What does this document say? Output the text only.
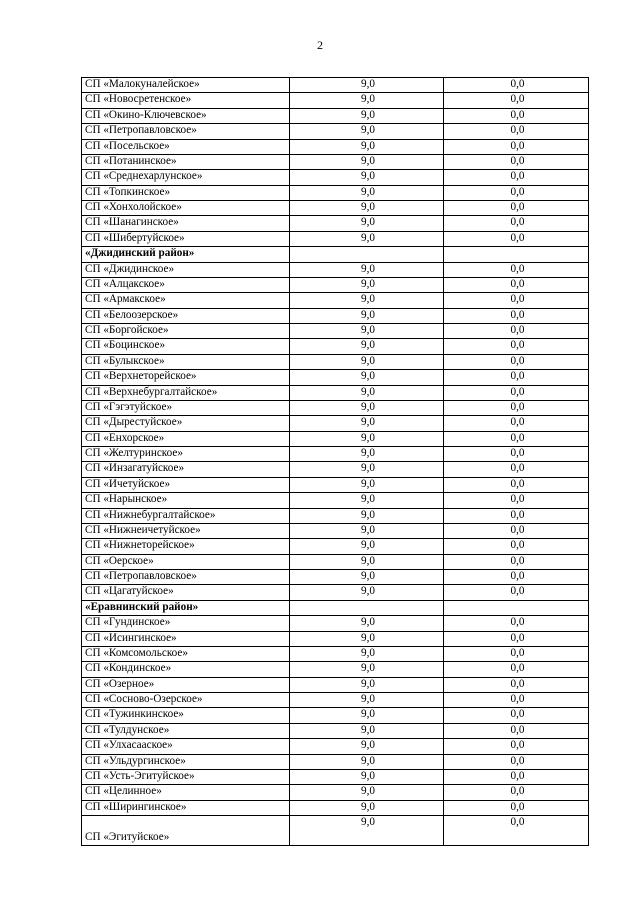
2
СП «Малокуналейское»	9,0	0,0
СП «Новосретенское»	9,0	0,0
СП «Окино-Ключевское»	9,0	0,0
СП «Петропавловское»	9,0	0,0
СП «Посельское»	9,0	0,0
СП «Потанинское»	9,0	0,0
СП «Среднехарлунское»	9,0	0,0
СП «Топкинское»	9,0	0,0
СП «Хонхолойское»	9,0	0,0
СП «Шанагинское»	9,0	0,0
СП «Шибертуйское»	9,0	0,0
«Джидинский район»		
СП «Джидинское»	9,0	0,0
СП «Алцакское»	9,0	0,0
СП «Армакское»	9,0	0,0
СП «Белоозерское»	9,0	0,0
СП «Боргойское»	9,0	0,0
СП «Боцинское»	9,0	0,0
СП «Булыкское»	9,0	0,0
СП «Верхнеторейское»	9,0	0,0
СП «Верхнебургалтайское»	9,0	0,0
СП «Гэгэтуйское»	9,0	0,0
СП «Дырестуйское»	9,0	0,0
СП «Енхорское»	9,0	0,0
СП «Желтуринское»	9,0	0,0
СП «Инзагатуйское»	9,0	0,0
СП «Ичетуйское»	9,0	0,0
СП «Нарынское»	9,0	0,0
СП «Нижнебургалтайское»	9,0	0,0
СП «Нижнеичетуйское»	9,0	0,0
СП «Нижнеторейское»	9,0	0,0
СП «Оерское»	9,0	0,0
СП «Петропавловское»	9,0	0,0
СП «Цагатуйское»	9,0	0,0
«Еравнинский район»		
СП «Гундинское»	9,0	0,0
СП «Исингинское»	9,0	0,0
СП «Комсомольское»	9,0	0,0
СП «Кондинское»	9,0	0,0
СП «Озерное»	9,0	0,0
СП «Сосново-Озерское»	9,0	0,0
СП «Тужинкинское»	9,0	0,0
СП «Тулдунское»	9,0	0,0
СП «Улхасаaское»	9,0	0,0
СП «Ульдургинское»	9,0	0,0
СП «Усть-Эгитуйское»	9,0	0,0
СП «Целинное»	9,0	0,0
СП «Ширингинское»	9,0	0,0
СП «Эгитуйское»	9,0	0,0
